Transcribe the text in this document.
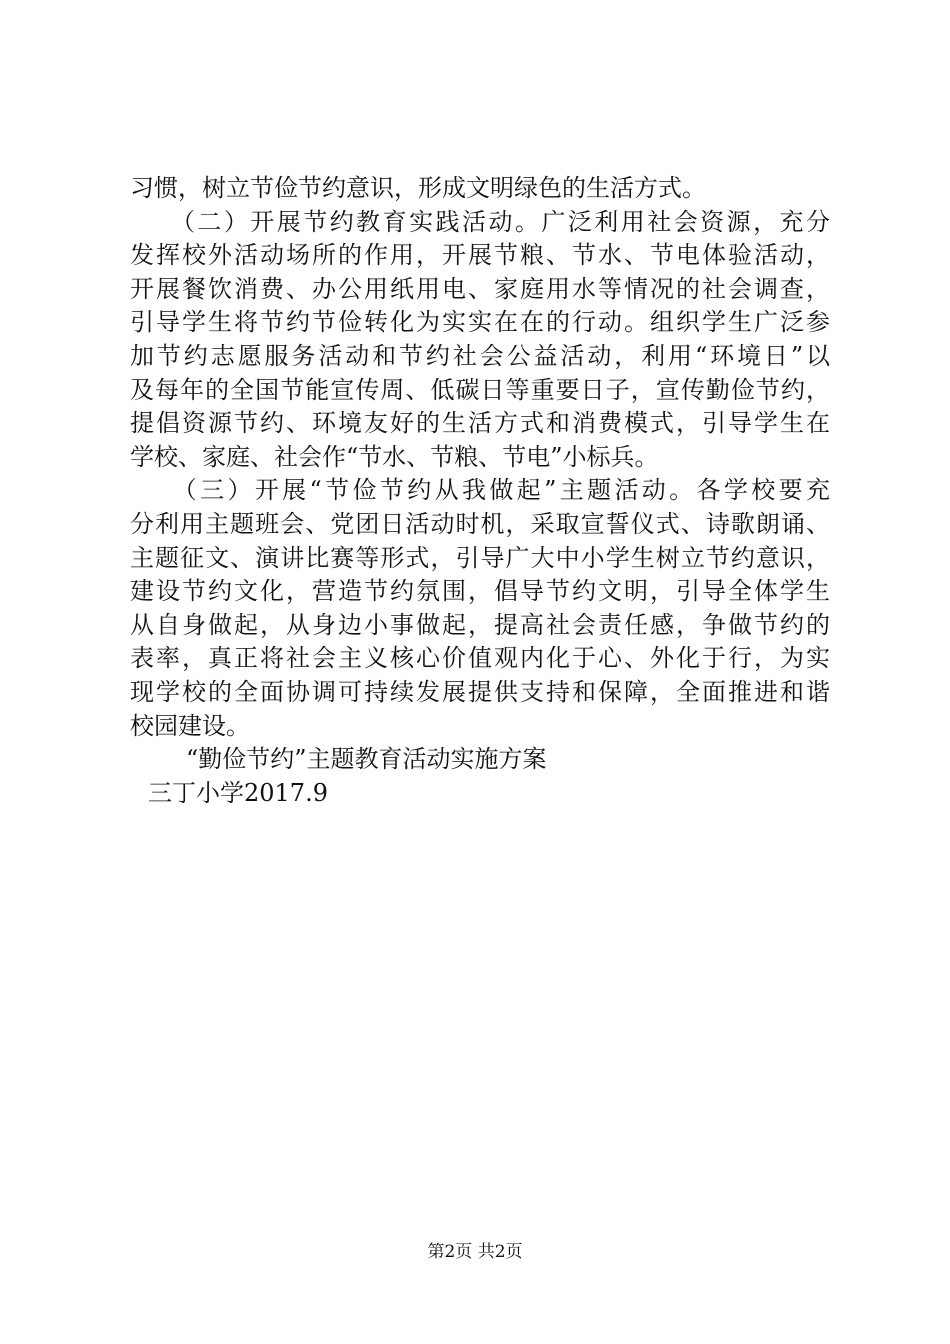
习惯，树立节俭节约意识，形成文明绿色的生活方式。
　　（二）开展节约教育实践活动。广泛利用社会资源，充分
发挥校外活动场所的作用，开展节粮、节水、节电体验活动，
开展餐饮消费、办公用纸用电、家庭用水等情况的社会调查，
引导学生将节约节俭转化为实实在在的行动。组织学生广泛参
加节约志愿服务活动和节约社会公益活动，利用“环境日”以
及每年的全国节能宣传周、低碳日等重要日子，宣传勤俭节约，
提倡资源节约、环境友好的生活方式和消费模式，引导学生在
学校、家庭、社会作“节水、节粮、节电”小标兵。
　　（三）开展“节俭节约从我做起”主题活动。各学校要充
分利用主题班会、党团日活动时机，采取宣誓仪式、诗歌朗诵、
主题征文、演讲比赛等形式，引导广大中小学生树立节约意识，
建设节约文化，营造节约氛围，倡导节约文明，引导全体学生
从自身做起，从身边小事做起，提高社会责任感，争做节约的
表率，真正将社会主义核心价值观内化于心、外化于行，为实
现学校的全面协调可持续发展提供支持和保障，全面推进和谐
校园建设。
“勤俭节约”主题教育活动实施方案
三丁小学2017.9
第2页 共2页
